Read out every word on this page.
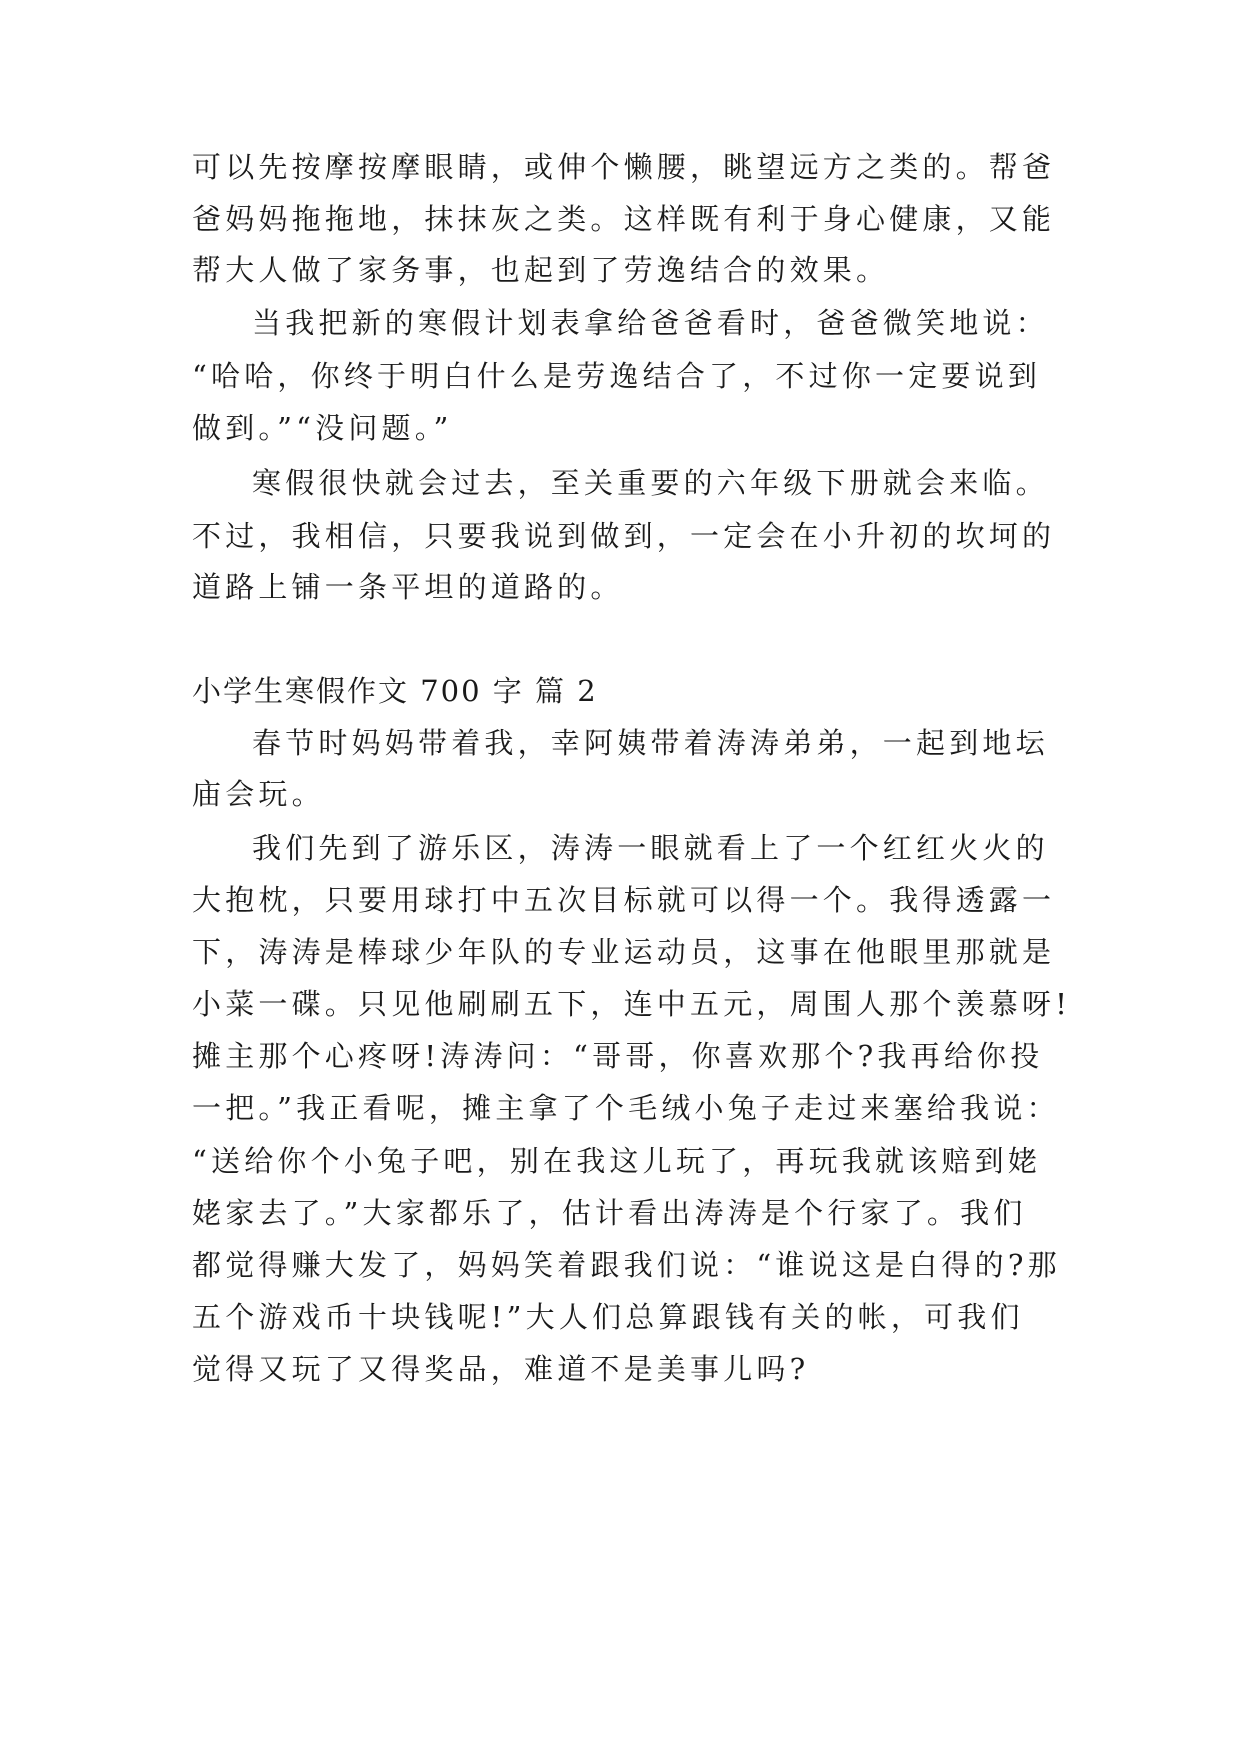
可以先按摩按摩眼睛，或伸个懒腰，眺望远方之类的。帮爸
爸妈妈拖拖地，抹抹灰之类。这样既有利于身心健康，又能
帮大人做了家务事，也起到了劳逸结合的效果。
当我把新的寒假计划表拿给爸爸看时，爸爸微笑地说：
“哈哈，你终于明白什么是劳逸结合了，不过你一定要说到
做到。”“没问题。”
寒假很快就会过去，至关重要的六年级下册就会来临。
不过，我相信，只要我说到做到，一定会在小升初的坎坷的
道路上铺一条平坦的道路的。
小学生寒假作文 700 字 篇 2
春节时妈妈带着我，幸阿姨带着涛涛弟弟，一起到地坛
庙会玩。
我们先到了游乐区，涛涛一眼就看上了一个红红火火的
大抱枕，只要用球打中五次目标就可以得一个。我得透露一
下，涛涛是棒球少年队的专业运动员，这事在他眼里那就是
小菜一碟。只见他刷刷五下，连中五元，周围人那个羡慕呀!
摊主那个心疼呀!涛涛问：“哥哥，你喜欢那个?我再给你投
一把。”我正看呢，摊主拿了个毛绒小兔子走过来塞给我说：
“送给你个小兔子吧，别在我这儿玩了，再玩我就该赔到姥
姥家去了。”大家都乐了，估计看出涛涛是个行家了。我们
都觉得赚大发了，妈妈笑着跟我们说：“谁说这是白得的?那
五个游戏币十块钱呢!”大人们总算跟钱有关的帐，可我们
觉得又玩了又得奖品，难道不是美事儿吗?
